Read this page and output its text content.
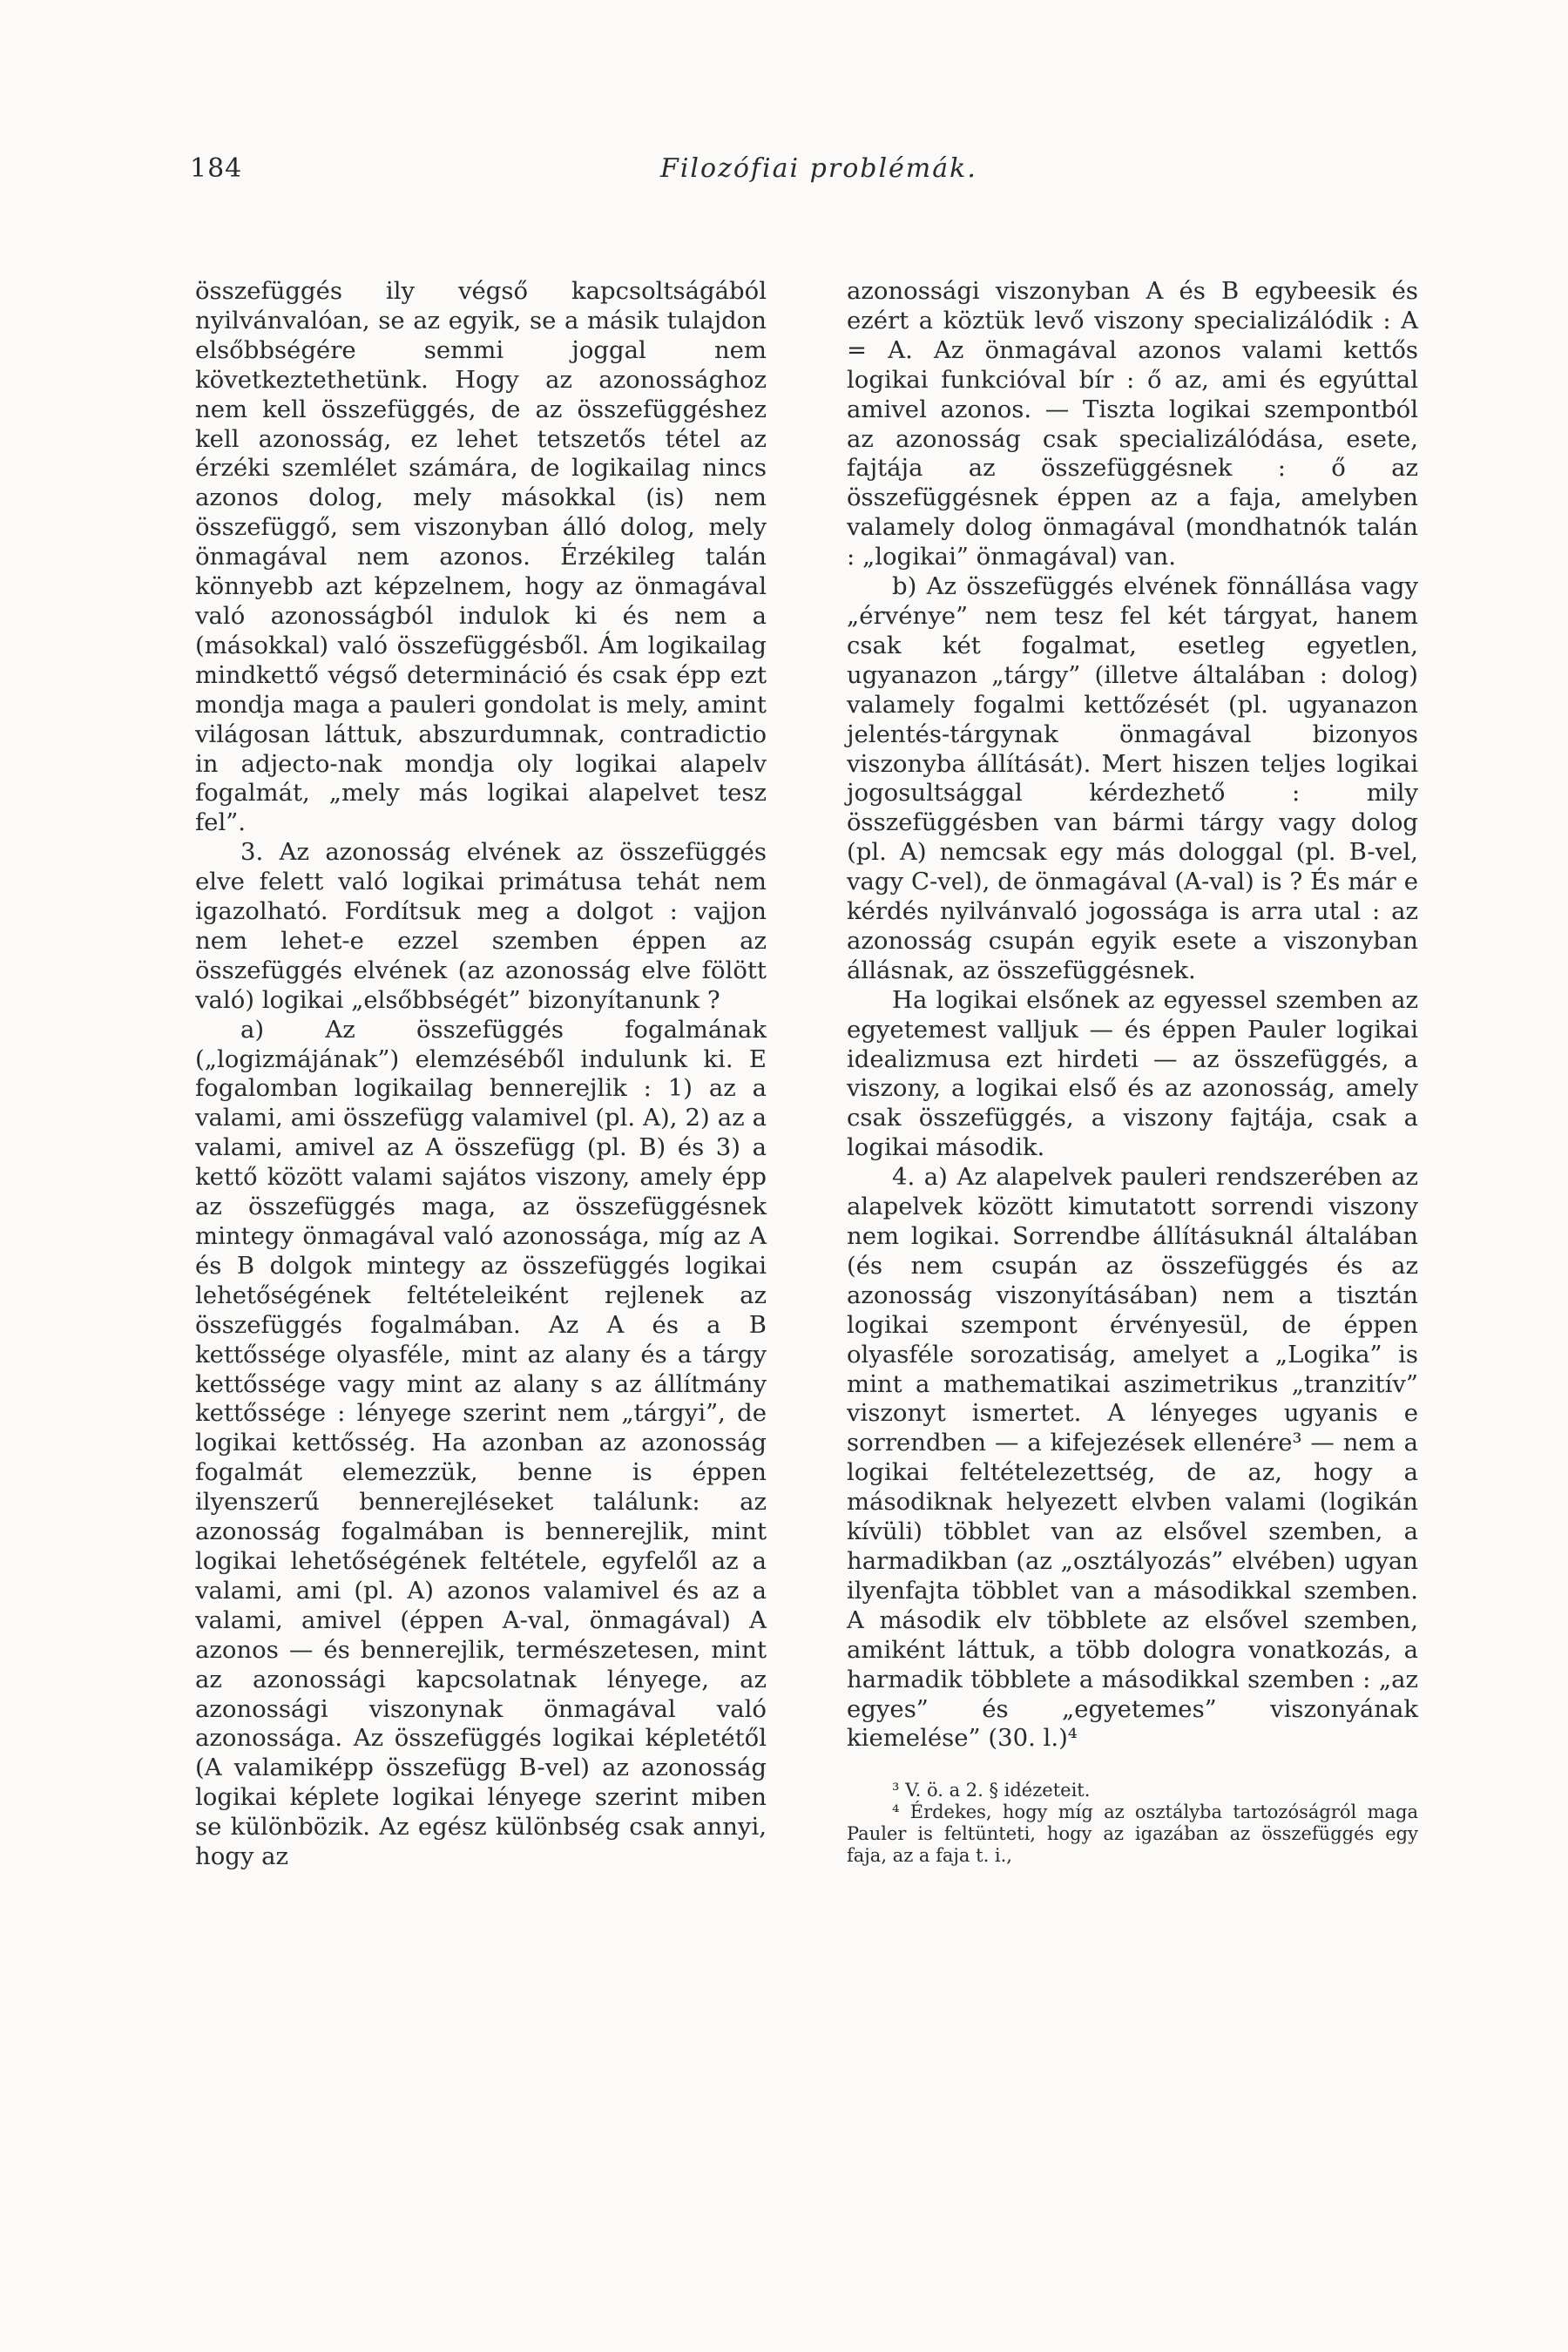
184	Filozófiai problémák.

összefüggés ily végső kapcsoltságából nyilvánvalóan, se az egyik, se a másik tulajdon elsőbbségére semmi joggal nem következtethetünk. Hogy az azonossághoz nem kell összefüggés, de az összefüggéshez kell azonosság, ez lehet tetszetős tétel az érzéki szemlélet számára, de logikailag nincs azonos dolog, mely másokkal (is) nem összefüggő, sem viszonyban álló dolog, mely önmagával nem azonos. Érzékileg talán könnyebb azt képzelnem, hogy az önmagával való azonosságból indulok ki és nem a (másokkal) való összefüggésből. Ám logikailag mindkettő végső determináció és csak épp ezt mondja maga a pauleri gondolat is mely, amint világosan láttuk, abszurdumnak, contradictio in adjecto-nak mondja oly logikai alapelv fogalmát, „mely más logikai alapelvet tesz fel”.

3. Az azonosság elvének az összefüggés elve felett való logikai primátusa tehát nem igazolható. Fordítsuk meg a dolgot : vajjon nem lehet-e ezzel szemben éppen az összefüggés elvének (az azonosság elve fölött való) logikai „elsőbbségét” bizonyítanunk ?

a) Az összefüggés fogalmának („logizmájának”) elemzéséből indulunk ki. E fogalomban logikailag bennerejlik : 1) az a valami, ami összefügg valamivel (pl. A), 2) az a valami, amivel az A összefügg (pl. B) és 3) a kettő között valami sajátos viszony, amely épp az összefüggés maga, az összefüggésnek mintegy önmagával való azonossága, míg az A és B dolgok mintegy az összefüggés logikai lehetőségének feltételeiként rejlenek az összefüggés fogalmában. Az A és a B kettőssége olyasféle, mint az alany és a tárgy kettőssége vagy mint az alany s az állítmány kettőssége : lényege szerint nem „tárgyi”, de logikai kettősség. Ha azonban az azonosság fogalmát elemezzük, benne is éppen ilyenszerű bennerejléseket találunk: az azonosság fogalmában is bennerejlik, mint logikai lehetőségének feltétele, egyfelől az a valami, ami (pl. A) azonos valamivel és az a valami, amivel (éppen A-val, önmagával) A azonos — és bennerejlik, természetesen, mint az azonossági kapcsolatnak lényege, az azonossági viszonynak önmagával való azonossága. Az összefüggés logikai képletétől (A valamiképp összefügg B-vel) az azonosság logikai képlete logikai lényege szerint miben se különbözik. Az egész különbség csak annyi, hogy az

azonossági viszonyban A és B egybeesik és ezért a köztük levő viszony specializálódik : A = A. Az önmagával azonos valami kettős logikai funkcióval bír : ő az, ami és egyúttal amivel azonos. — Tiszta logikai szempontból az azonosság csak specializálódása, esete, fajtája az összefüggésnek : ő az összefüggésnek éppen az a faja, amelyben valamely dolog önmagával (mondhatnók talán : „logikai” önmagával) van.

b) Az összefüggés elvének fönnállása vagy „érvénye” nem tesz fel két tárgyat, hanem csak két fogalmat, esetleg egyetlen, ugyanazon „tárgy” (illetve általában : dolog) valamely fogalmi kettőzését (pl. ugyanazon jelentés-tárgynak önmagával bizonyos viszonyba állítását). Mert hiszen teljes logikai jogosultsággal kérdezhető : mily összefüggésben van bármi tárgy vagy dolog (pl. A) nemcsak egy más dologgal (pl. B-vel, vagy C-vel), de önmagával (A-val) is ? És már e kérdés nyilvánvaló jogossága is arra utal : az azonosság csupán egyik esete a viszonyban állásnak, az összefüggésnek.

Ha logikai elsőnek az egyessel szemben az egyetemest valljuk — és éppen Pauler logikai idealizmusa ezt hirdeti — az összefüggés, a viszony, a logikai első és az azonosság, amely csak összefüggés, a viszony fajtája, csak a logikai második.

4. a) Az alapelvek pauleri rendszerében az alapelvek között kimutatott sorrendi viszony nem logikai. Sorrendbe állításuknál általában (és nem csupán az összefüggés és az azonosság viszonyításában) nem a tisztán logikai szempont érvényesül, de éppen olyasféle sorozatiság, amelyet a „Logika” is mint a mathematikai aszimetrikus „tranzitív” viszonyt ismertet. A lényeges ugyanis e sorrendben — a kifejezések ellenére³ — nem a logikai feltételezettség, de az, hogy a másodiknak helyezett elvben valami (logikán kívüli) többlet van az elsővel szemben, a harmadikban (az „osztályozás” elvében) ugyan ilyenfajta többlet van a másodikkal szemben. A második elv többlete az elsővel szemben, amiként láttuk, a több dologra vonatkozás, a harmadik többlete a másodikkal szemben : „az egyes” és „egyetemes” viszonyának kiemelése” (30. l.)⁴

³ V. ö. a 2. § idézeteit.

⁴ Érdekes, hogy míg az osztályba tartozóságról maga Pauler is feltünteti, hogy az igazában az összefüggés egy faja, az a faja t. i.,
